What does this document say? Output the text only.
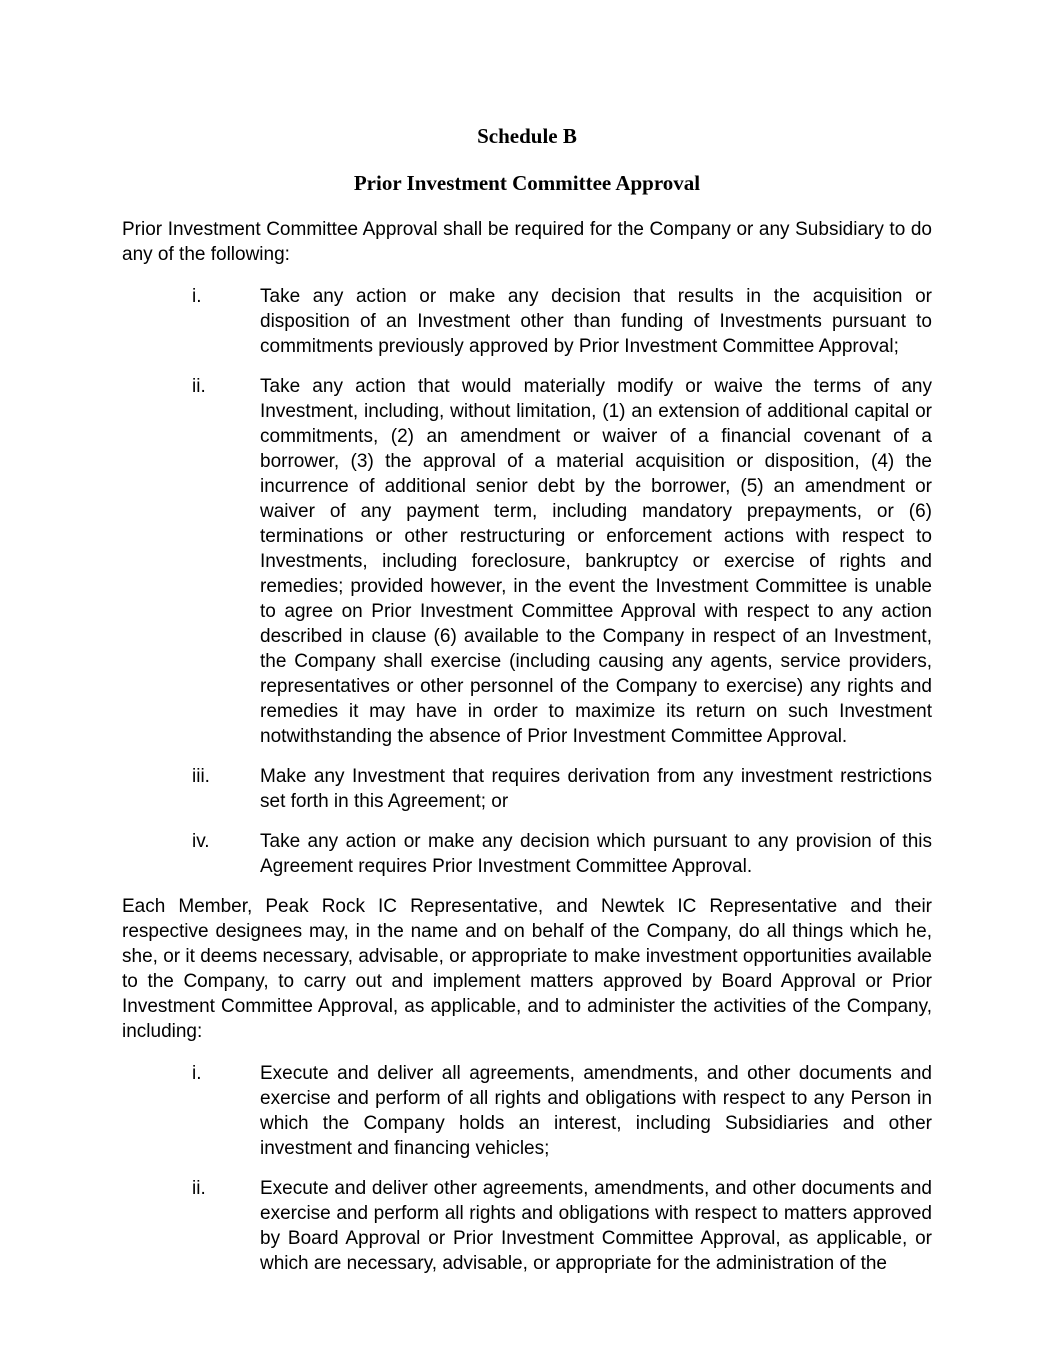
Schedule B
Prior Investment Committee Approval

Prior Investment Committee Approval shall be required for the Company or any Subsidiary to do any of the following:

i.	Take any action or make any decision that results in the acquisition or disposition of an Investment other than funding of Investments pursuant to commitments previously approved by Prior Investment Committee Approval;
ii.	Take any action that would materially modify or waive the terms of any Investment, including, without limitation, (1) an extension of additional capital or commitments, (2) an amendment or waiver of a financial covenant of a borrower, (3) the approval of a material acquisition or disposition, (4) the incurrence of additional senior debt by the borrower, (5) an amendment or waiver of any payment term, including mandatory prepayments, or (6) terminations or other restructuring or enforcement actions with respect to Investments, including foreclosure, bankruptcy or exercise of rights and remedies; provided however, in the event the Investment Committee is unable to agree on Prior Investment Committee Approval with respect to any action described in clause (6) available to the Company in respect of an Investment, the Company shall exercise (including causing any agents, service providers, representatives or other personnel of the Company to exercise) any rights and remedies it may have in order to maximize its return on such Investment notwithstanding the absence of Prior Investment Committee Approval.
iii.	Make any Investment that requires derivation from any investment restrictions set forth in this Agreement; or
iv.	Take any action or make any decision which pursuant to any provision of this Agreement requires Prior Investment Committee Approval.

Each Member, Peak Rock IC Representative, and Newtek IC Representative and their respective designees may, in the name and on behalf of the Company, do all things which he, she, or it deems necessary, advisable, or appropriate to make investment opportunities available to the Company, to carry out and implement matters approved by Board Approval or Prior Investment Committee Approval, as applicable, and to administer the activities of the Company, including:

i.	Execute and deliver all agreements, amendments, and other documents and exercise and perform of all rights and obligations with respect to any Person in which the Company holds an interest, including Subsidiaries and other investment and financing vehicles;
ii.	Execute and deliver other agreements, amendments, and other documents and exercise and perform all rights and obligations with respect to matters approved by Board Approval or Prior Investment Committee Approval, as applicable, or which are necessary, advisable, or appropriate for the administration of the
